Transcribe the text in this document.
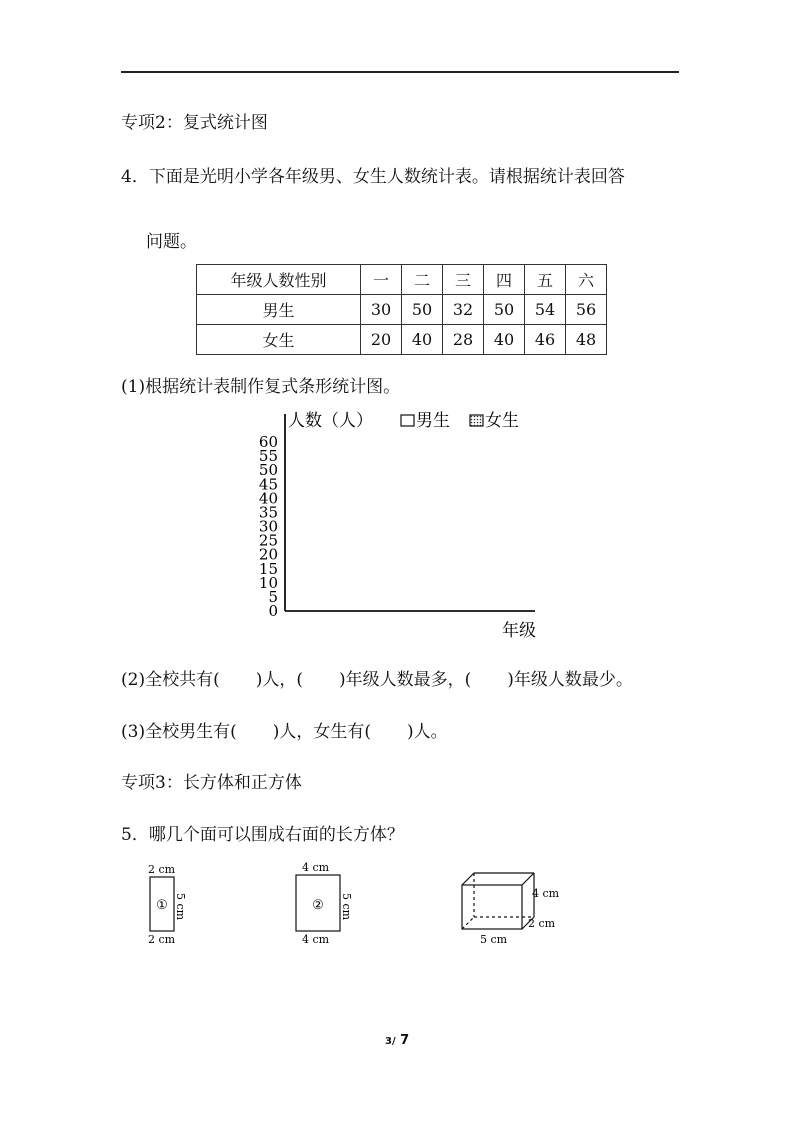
专项2：复式统计图
4．下面是光明小学各年级男、女生人数统计表。请根据统计表回答
问题。
年级人数性别	一	二	三	四	五	六
男生	30	50	32	50	54	56
女生	20	40	28	40	46	48
(1)根据统计表制作复式条形统计图。
人数（人）	男生 女生
60
55
50
45
40
35
30
25
20
15
10
5
0
年级
(2)全校共有( )人，( )年级人数最多，( )年级人数最少。
(3)全校男生有( )人，女生有( )人。
专项3：长方体和正方体
5．哪几个面可以围成右面的长方体？
2 cm
① 5 cm
2 cm
4 cm
② 5 cm
4 cm
4 cm
2 cm
5 cm
3/ 7
